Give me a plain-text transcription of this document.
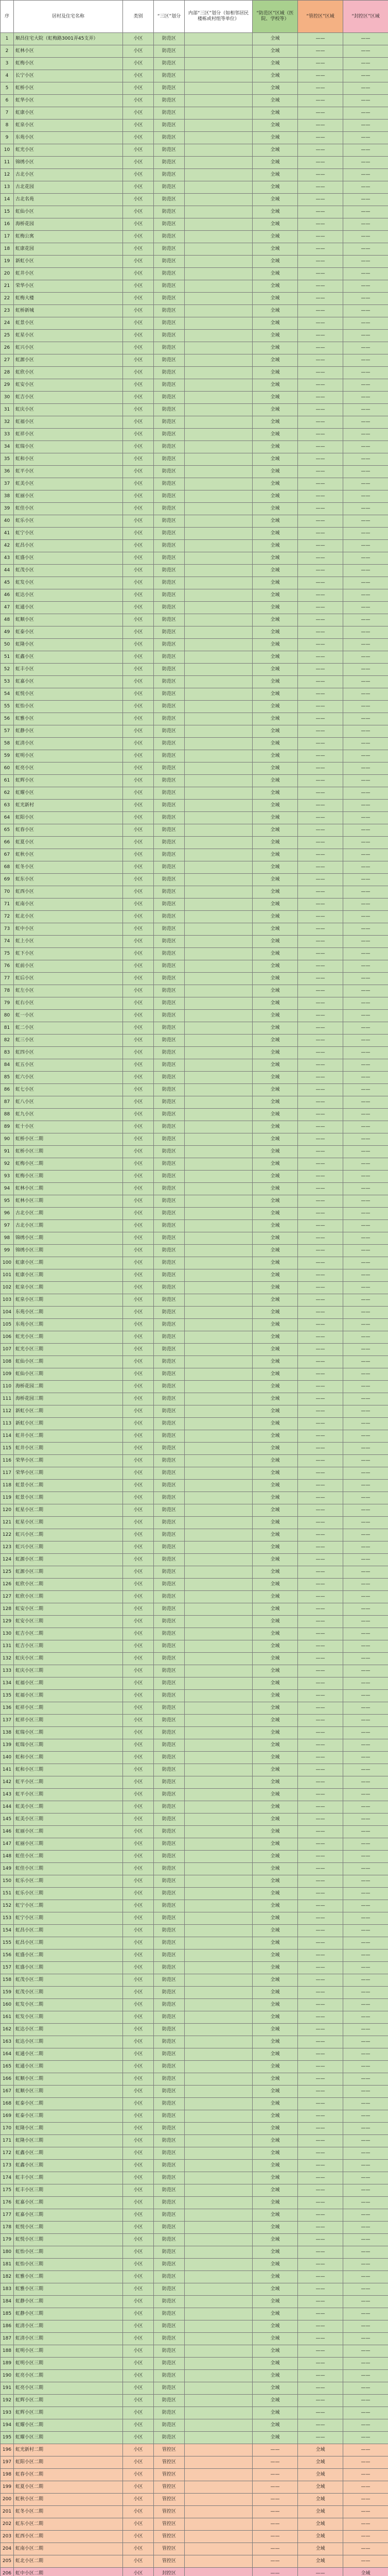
序	居村及住宅名称	类别	“三区”划分	内部“三区”划分（如相邻居民楼栋或村组等单位）	“防范区”区域（医院、学校等）	“管控区”区域	“封控区”区域
1	顺昌住宅大院（虹梅路3001弄45支弄）	小区	防范区		全域	——	——
2	虹林小区	小区	防范区		全域	——	——
3	虹梅小区	小区	防范区		全域	——	——
4	长宁小区	小区	防范区		全域	——	——
5	虹桥小区	小区	防范区		全域	——	——
6	虹华小区	小区	防范区		全域	——	——
7	虹康小区	小区	防范区		全域	——	——
8	虹泉小区	小区	防范区		全域	——	——
9	东苑小区	小区	防范区		全域	——	——
10	虹光小区	小区	防范区		全域	——	——
11	锦绣小区	小区	防范区		全域	——	——
12	古北小区	小区	防范区		全域	——	——
13	古北花园	小区	防范区		全域	——	——
14	古北名苑	小区	防范区		全域	——	——
15	虹仙小区	小区	防范区		全域	——	——
16	海桥花园	小区	防范区		全域	——	——
17	虹梅公寓	小区	防范区		全域	——	——
18	虹康花园	小区	防范区		全域	——	——
19	新虹小区	小区	防范区		全域	——	——
20	虹井小区	小区	防范区		全域	——	——
21	荣华小区	小区	防范区		全域	——	——
22	虹梅大楼	小区	防范区		全域	——	——
23	虹桥新城	小区	防范区		全域	——	——
24	虹景小区	小区	防范区		全域	——	——
25	虹星小区	小区	防范区		全域	——	——
26	虹兴小区	小区	防范区		全域	——	——
27	虹源小区	小区	防范区		全域	——	——
28	虹欣小区	小区	防范区		全域	——	——
29	虹安小区	小区	防范区		全域	——	——
30	虹吉小区	小区	防范区		全域	——	——
31	虹庆小区	小区	防范区		全域	——	——
32	虹福小区	小区	防范区		全域	——	——
33	虹祥小区	小区	防范区		全域	——	——
34	虹瑞小区	小区	防范区		全域	——	——
35	虹和小区	小区	防范区		全域	——	——
36	虹平小区	小区	防范区		全域	——	——
37	虹美小区	小区	防范区		全域	——	——
38	虹丽小区	小区	防范区		全域	——	——
39	虹佳小区	小区	防范区		全域	——	——
40	虹乐小区	小区	防范区		全域	——	——
41	虹宁小区	小区	防范区		全域	——	——
42	虹昌小区	小区	防范区		全域	——	——
43	虹盛小区	小区	防范区		全域	——	——
44	虹茂小区	小区	防范区		全域	——	——
45	虹发小区	小区	防范区		全域	——	——
46	虹达小区	小区	防范区		全域	——	——
47	虹通小区	小区	防范区		全域	——	——
48	虹顺小区	小区	防范区		全域	——	——
49	虹泰小区	小区	防范区		全域	——	——
50	虹隆小区	小区	防范区		全域	——	——
51	虹鑫小区	小区	防范区		全域	——	——
52	虹丰小区	小区	防范区		全域	——	——
53	虹嘉小区	小区	防范区		全域	——	——
54	虹悦小区	小区	防范区		全域	——	——
55	虹怡小区	小区	防范区		全域	——	——
56	虹雅小区	小区	防范区		全域	——	——
57	虹静小区	小区	防范区		全域	——	——
58	虹清小区	小区	防范区		全域	——	——
59	虹明小区	小区	防范区		全域	——	——
60	虹亮小区	小区	防范区		全域	——	——
61	虹辉小区	小区	防范区		全域	——	——
62	虹耀小区	小区	防范区		全域	——	——
63	虹光新村	小区	防范区		全域	——	——
64	虹阳小区	小区	防范区		全域	——	——
65	虹春小区	小区	防范区		全域	——	——
66	虹夏小区	小区	防范区		全域	——	——
67	虹秋小区	小区	防范区		全域	——	——
68	虹冬小区	小区	防范区		全域	——	——
69	虹东小区	小区	防范区		全域	——	——
70	虹西小区	小区	防范区		全域	——	——
71	虹南小区	小区	防范区		全域	——	——
72	虹北小区	小区	防范区		全域	——	——
73	虹中小区	小区	防范区		全域	——	——
74	虹上小区	小区	防范区		全域	——	——
75	虹下小区	小区	防范区		全域	——	——
76	虹前小区	小区	防范区		全域	——	——
77	虹后小区	小区	防范区		全域	——	——
78	虹左小区	小区	防范区		全域	——	——
79	虹右小区	小区	防范区		全域	——	——
80	虹一小区	小区	防范区		全域	——	——
81	虹二小区	小区	防范区		全域	——	——
82	虹三小区	小区	防范区		全域	——	——
83	虹四小区	小区	防范区		全域	——	——
84	虹五小区	小区	防范区		全域	——	——
85	虹六小区	小区	防范区		全域	——	——
86	虹七小区	小区	防范区		全域	——	——
87	虹八小区	小区	防范区		全域	——	——
88	虹九小区	小区	防范区		全域	——	——
89	虹十小区	小区	防范区		全域	——	——
90	虹桥小区二期	小区	防范区		全域	——	——
91	虹桥小区三期	小区	防范区		全域	——	——
92	虹梅小区二期	小区	防范区		全域	——	——
93	虹梅小区三期	小区	防范区		全域	——	——
94	虹林小区二期	小区	防范区		全域	——	——
95	虹林小区三期	小区	防范区		全域	——	——
96	古北小区二期	小区	防范区		全域	——	——
97	古北小区三期	小区	防范区		全域	——	——
98	锦绣小区二期	小区	防范区		全域	——	——
99	锦绣小区三期	小区	防范区		全域	——	——
100	虹康小区二期	小区	防范区		全域	——	——
101	虹康小区三期	小区	防范区		全域	——	——
102	虹泉小区二期	小区	防范区		全域	——	——
103	虹泉小区三期	小区	防范区		全域	——	——
104	东苑小区二期	小区	防范区		全域	——	——
105	东苑小区三期	小区	防范区		全域	——	——
106	虹光小区二期	小区	防范区		全域	——	——
107	虹光小区三期	小区	防范区		全域	——	——
108	虹仙小区二期	小区	防范区		全域	——	——
109	虹仙小区三期	小区	防范区		全域	——	——
110	海桥花园二期	小区	防范区		全域	——	——
111	海桥花园三期	小区	防范区		全域	——	——
112	新虹小区二期	小区	防范区		全域	——	——
113	新虹小区三期	小区	防范区		全域	——	——
114	虹井小区二期	小区	防范区		全域	——	——
115	虹井小区三期	小区	防范区		全域	——	——
116	荣华小区二期	小区	防范区		全域	——	——
117	荣华小区三期	小区	防范区		全域	——	——
118	虹景小区二期	小区	防范区		全域	——	——
119	虹景小区三期	小区	防范区		全域	——	——
120	虹星小区二期	小区	防范区		全域	——	——
121	虹星小区三期	小区	防范区		全域	——	——
122	虹兴小区二期	小区	防范区		全域	——	——
123	虹兴小区三期	小区	防范区		全域	——	——
124	虹源小区二期	小区	防范区		全域	——	——
125	虹源小区三期	小区	防范区		全域	——	——
126	虹欣小区二期	小区	防范区		全域	——	——
127	虹欣小区三期	小区	防范区		全域	——	——
128	虹安小区二期	小区	防范区		全域	——	——
129	虹安小区三期	小区	防范区		全域	——	——
130	虹吉小区二期	小区	防范区		全域	——	——
131	虹吉小区三期	小区	防范区		全域	——	——
132	虹庆小区二期	小区	防范区		全域	——	——
133	虹庆小区三期	小区	防范区		全域	——	——
134	虹福小区二期	小区	防范区		全域	——	——
135	虹福小区三期	小区	防范区		全域	——	——
136	虹祥小区二期	小区	防范区		全域	——	——
137	虹祥小区三期	小区	防范区		全域	——	——
138	虹瑞小区二期	小区	防范区		全域	——	——
139	虹瑞小区三期	小区	防范区		全域	——	——
140	虹和小区二期	小区	防范区		全域	——	——
141	虹和小区三期	小区	防范区		全域	——	——
142	虹平小区二期	小区	防范区		全域	——	——
143	虹平小区三期	小区	防范区		全域	——	——
144	虹美小区二期	小区	防范区		全域	——	——
145	虹美小区三期	小区	防范区		全域	——	——
146	虹丽小区二期	小区	防范区		全域	——	——
147	虹丽小区三期	小区	防范区		全域	——	——
148	虹佳小区二期	小区	防范区		全域	——	——
149	虹佳小区三期	小区	防范区		全域	——	——
150	虹乐小区二期	小区	防范区		全域	——	——
151	虹乐小区三期	小区	防范区		全域	——	——
152	虹宁小区二期	小区	防范区		全域	——	——
153	虹宁小区三期	小区	防范区		全域	——	——
154	虹昌小区二期	小区	防范区		全域	——	——
155	虹昌小区三期	小区	防范区		全域	——	——
156	虹盛小区二期	小区	防范区		全域	——	——
157	虹盛小区三期	小区	防范区		全域	——	——
158	虹茂小区二期	小区	防范区		全域	——	——
159	虹茂小区三期	小区	防范区		全域	——	——
160	虹发小区二期	小区	防范区		全域	——	——
161	虹发小区三期	小区	防范区		全域	——	——
162	虹达小区二期	小区	防范区		全域	——	——
163	虹达小区三期	小区	防范区		全域	——	——
164	虹通小区二期	小区	防范区		全域	——	——
165	虹通小区三期	小区	防范区		全域	——	——
166	虹顺小区二期	小区	防范区		全域	——	——
167	虹顺小区三期	小区	防范区		全域	——	——
168	虹泰小区二期	小区	防范区		全域	——	——
169	虹泰小区三期	小区	防范区		全域	——	——
170	虹隆小区二期	小区	防范区		全域	——	——
171	虹隆小区三期	小区	防范区		全域	——	——
172	虹鑫小区二期	小区	防范区		全域	——	——
173	虹鑫小区三期	小区	防范区		全域	——	——
174	虹丰小区二期	小区	防范区		全域	——	——
175	虹丰小区三期	小区	防范区		全域	——	——
176	虹嘉小区二期	小区	防范区		全域	——	——
177	虹嘉小区三期	小区	防范区		全域	——	——
178	虹悦小区二期	小区	防范区		全域	——	——
179	虹悦小区三期	小区	防范区		全域	——	——
180	虹怡小区二期	小区	防范区		全域	——	——
181	虹怡小区三期	小区	防范区		全域	——	——
182	虹雅小区二期	小区	防范区		全域	——	——
183	虹雅小区三期	小区	防范区		全域	——	——
184	虹静小区二期	小区	防范区		全域	——	——
185	虹静小区三期	小区	防范区		全域	——	——
186	虹清小区二期	小区	防范区		全域	——	——
187	虹清小区三期	小区	防范区		全域	——	——
188	虹明小区二期	小区	防范区		全域	——	——
189	虹明小区三期	小区	防范区		全域	——	——
190	虹亮小区二期	小区	防范区		全域	——	——
191	虹亮小区三期	小区	防范区		全域	——	——
192	虹辉小区二期	小区	防范区		全域	——	——
193	虹辉小区三期	小区	防范区		全域	——	——
194	虹耀小区二期	小区	防范区		全域	——	——
195	虹耀小区三期	小区	防范区		全域	——	——
196	虹光新村二期	小区	管控区		——	全域	——
197	虹阳小区二期	小区	管控区		——	全域	——
198	虹春小区二期	小区	管控区		——	全域	——
199	虹夏小区二期	小区	管控区		——	全域	——
200	虹秋小区二期	小区	管控区		——	全域	——
201	虹冬小区二期	小区	管控区		——	全域	——
202	虹东小区二期	小区	管控区		——	全域	——
203	虹西小区二期	小区	管控区		——	全域	——
204	虹南小区二期	小区	管控区		——	全域	——
205	虹北小区二期	小区	管控区		——	全域	——
206	虹中小区二期	小区	封控区		——	——	全域
